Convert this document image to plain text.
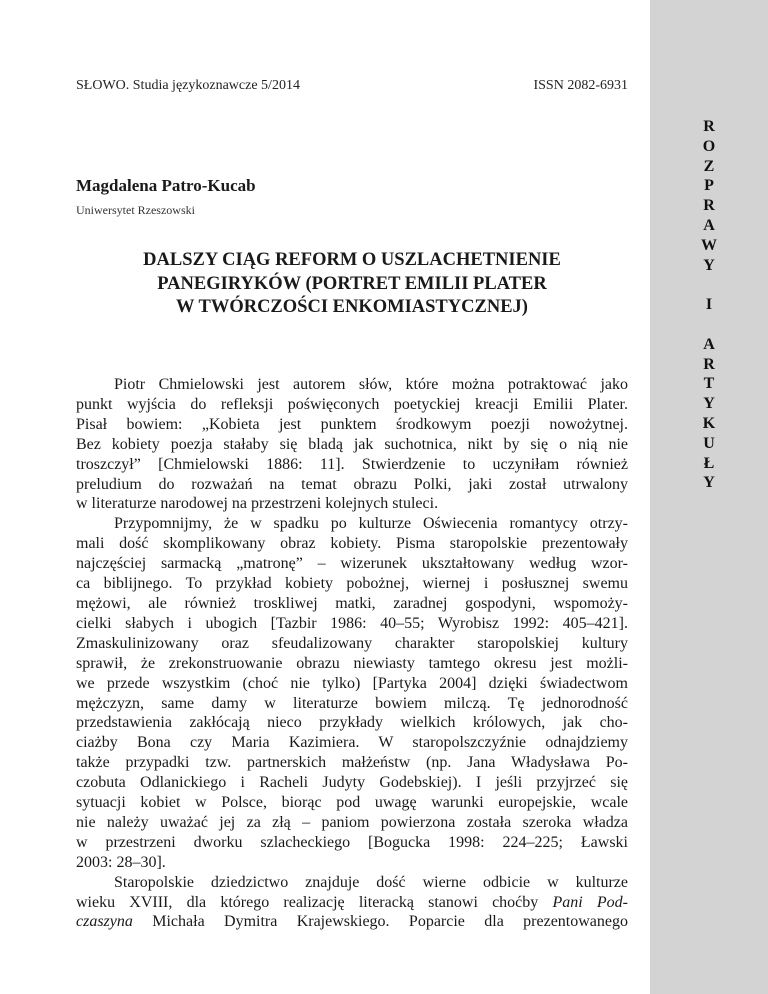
SŁOWO. Studia językoznawcze 5/2014	ISSN 2082-6931
Magdalena Patro-Kucab
Uniwersytet Rzeszowski
DALSZY CIĄG REFORM O USZLACHETNIENIE
PANEGIRYKÓW (PORTRET EMILII PLATER
W TWÓRCZOŚCI ENKOMIASTYCZNEJ)
Piotr Chmielowski jest autorem słów, które można potraktować jako
punkt wyjścia do refleksji poświęconych poetyckiej kreacji Emilii Plater.
Pisał bowiem: „Kobieta jest punktem środkowym poezji nowożytnej.
Bez kobiety poezja stałaby się bladą jak suchotnica, nikt by się o nią nie
troszczył” [Chmielowski 1886: 11]. Stwierdzenie to uczyniłam również
preludium do rozważań na temat obrazu Polki, jaki został utrwalony
w literaturze narodowej na przestrzeni kolejnych stuleci.
Przypomnijmy, że w spadku po kulturze Oświecenia romantycy otrzy-
mali dość skomplikowany obraz kobiety. Pisma staropolskie prezentowały
najczęściej sarmacką „matronę” – wizerunek ukształtowany według wzor-
ca biblijnego. To przykład kobiety pobożnej, wiernej i posłusznej swemu
mężowi, ale również troskliwej matki, zaradnej gospodyni, wspomoży-
cielki słabych i ubogich [Tazbir 1986: 40–55; Wyrobisz 1992: 405–421].
Zmaskulinizowany oraz sfeudalizowany charakter staropolskiej kultury
sprawił, że zrekonstruowanie obrazu niewiasty tamtego okresu jest możli-
we przede wszystkim (choć nie tylko) [Partyka 2004] dzięki świadectwom
mężczyzn, same damy w literaturze bowiem milczą. Tę jednorodność
przedstawienia zakłócają nieco przykłady wielkich królowych, jak cho-
ciażby Bona czy Maria Kazimiera. W staropolszczyźnie odnajdziemy
także przypadki tzw. partnerskich małżeństw (np. Jana Władysława Po-
czobuta Odlanickiego i Racheli Judyty Godebskiej). I jeśli przyjrzeć się
sytuacji kobiet w Polsce, biorąc pod uwagę warunki europejskie, wcale
nie należy uważać jej za złą – paniom powierzona została szeroka władza
w przestrzeni dworku szlacheckiego [Bogucka 1998: 224–225; Ławski
2003: 28–30].
Staropolskie dziedzictwo znajduje dość wierne odbicie w kulturze
wieku XVIII, dla którego realizację literacką stanowi choćby Pani Pod-
czaszyna Michała Dymitra Krajewskiego. Poparcie dla prezentowanego
R
O
Z
P
R
A
W
Y
I
A
R
T
Y
K
U
Ł
Y
